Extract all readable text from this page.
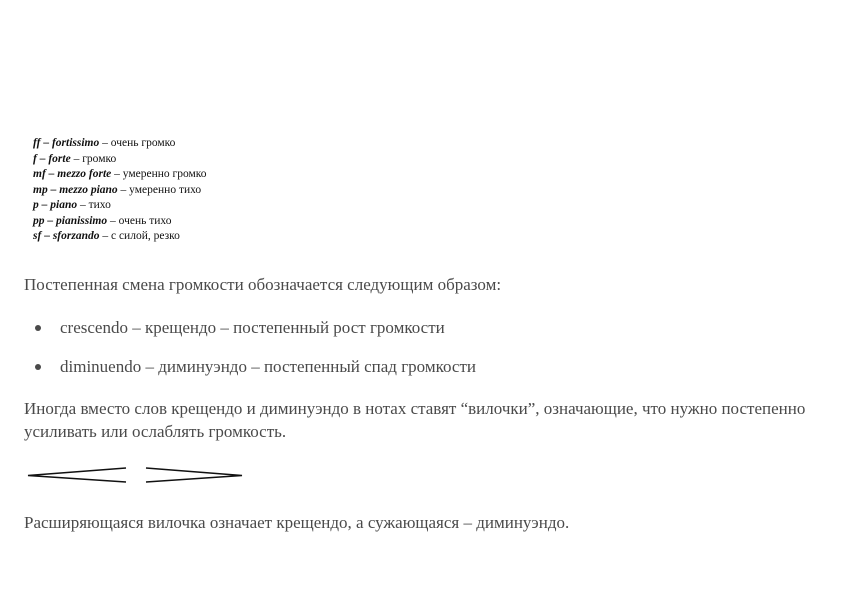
ff – fortissimo – очень громко
f – forte – громко
mf – mezzo forte – умеренно громко
mp – mezzo piano – умеренно тихо
p – piano – тихо
pp – pianissimo – очень тихо
sf – sforzando – с силой, резко
Постепенная смена громкости обозначается следующим образом:
crescendo – крещендо – постепенный рост громкости
diminuendo – диминуэндо – постепенный спад громкости
Иногда вместо слов крещендо и диминуэндо в нотах ставят “вилочки”, означающие, что нужно постепенно усиливать или ослаблять громкость.
Расширяющаяся вилочка означает крещендо, а сужающаяся – диминуэндо.
